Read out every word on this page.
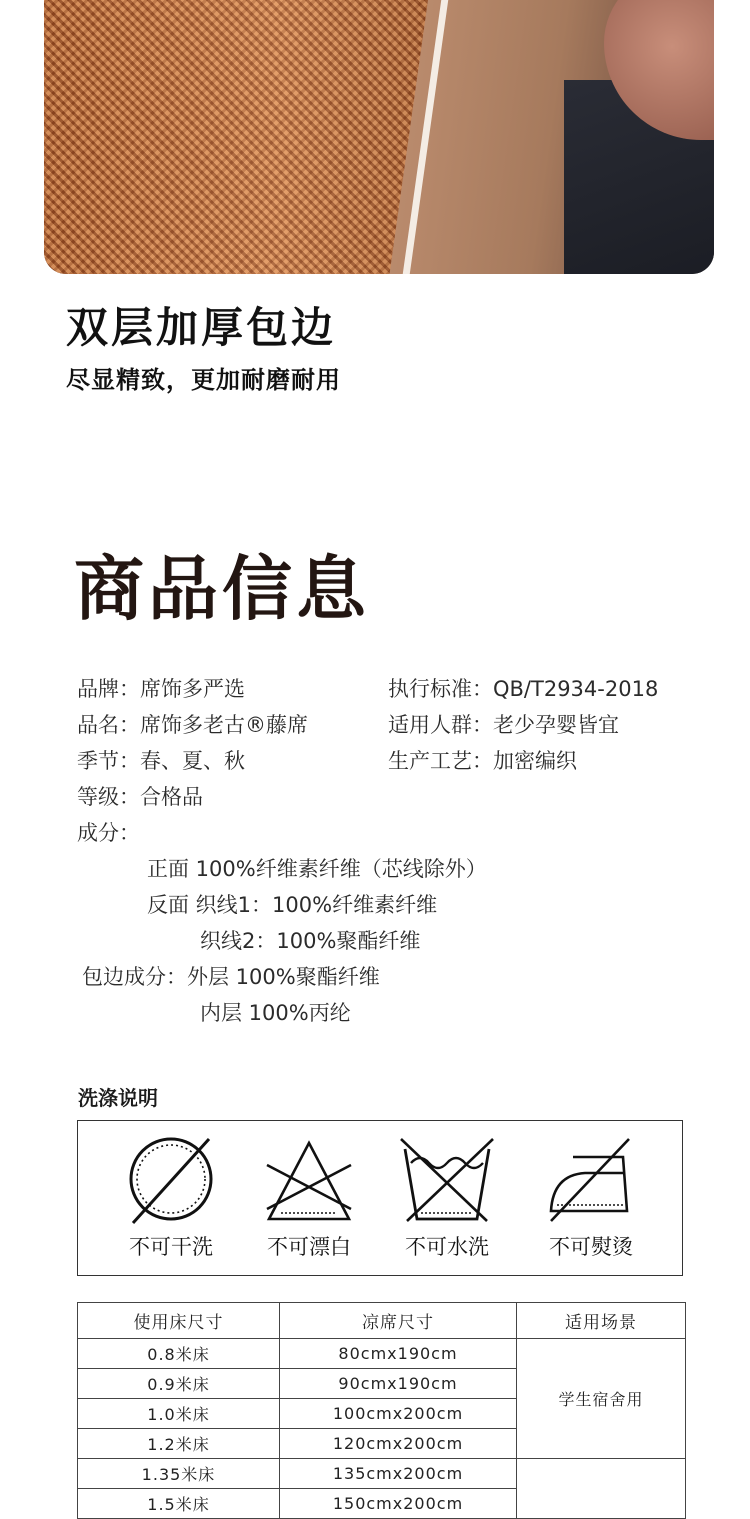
双层加厚包边

尽显精致，更加耐磨耐用

商品信息
品牌：席饰多严选
品名：席饰多老古®藤席
季节：春、夏、秋
等级：合格品
成分：
正面 100%纤维素纤维（芯线除外）
反面 织线1：100%纤维素纤维
织线2：100%聚酯纤维
包边成分：外层 100%聚酯纤维
内层 100%丙纶
执行标准：QB/T2934-2018
适用人群：老少孕婴皆宜
生产工艺：加密编织
洗涤说明
不可干洗	不可漂白	不可水洗	不可熨烫
使用床尺寸	凉席尺寸	适用场景
0.8米床	80cmx190cm	学生宿舍用
0.9米床	90cmx190cm	
1.0米床	100cmx200cm	
1.2米床	120cmx200cm	
1.35米床	135cmx200cm	
1.5米床	150cmx200cm	
